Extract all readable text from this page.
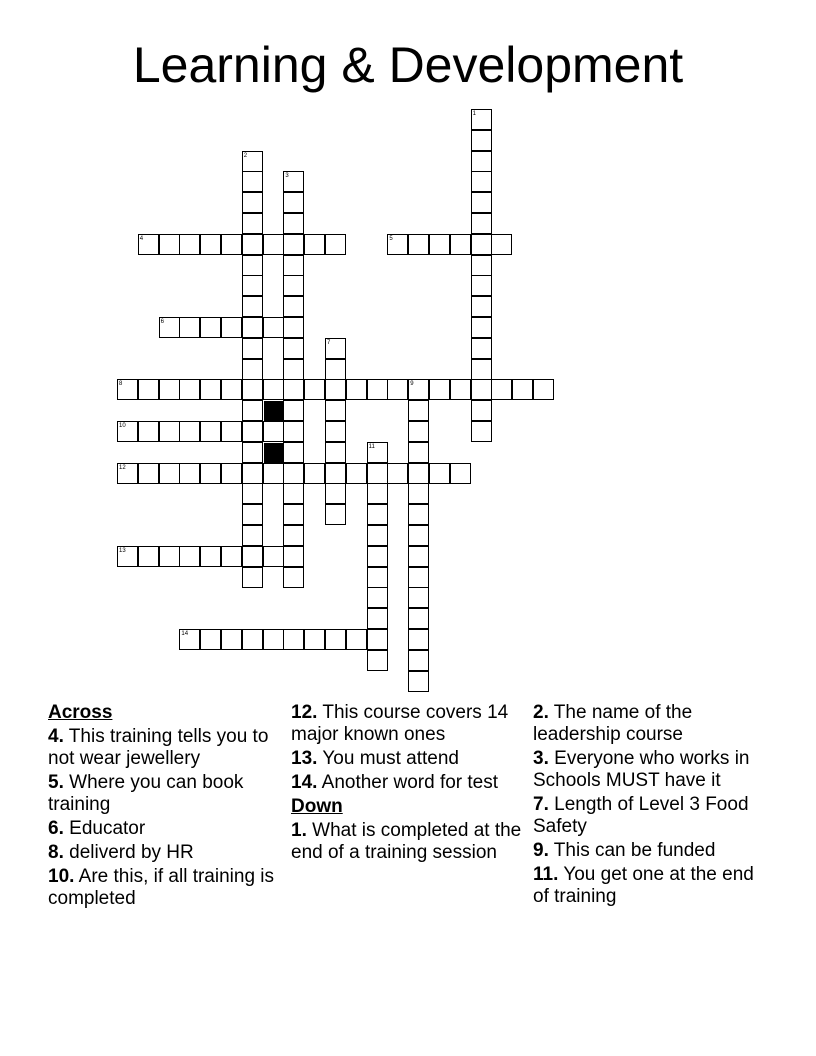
Learning & Development
1
2
3
4	5
6
7
8	9
10
11
12
13
14
Across
4. This training tells you to not wear jewellery
5. Where you can book training
6. Educator
8. deliverd by HR
10. Are this, if all training is completed
12. This course covers 14 major known ones
13. You must attend
14. Another word for test
Down
1. What is completed at the end of a training session
2. The name of the leadership course
3. Everyone who works in Schools MUST have it
7. Length of Level 3 Food Safety
9. This can be funded
11. You get one at the end of training
